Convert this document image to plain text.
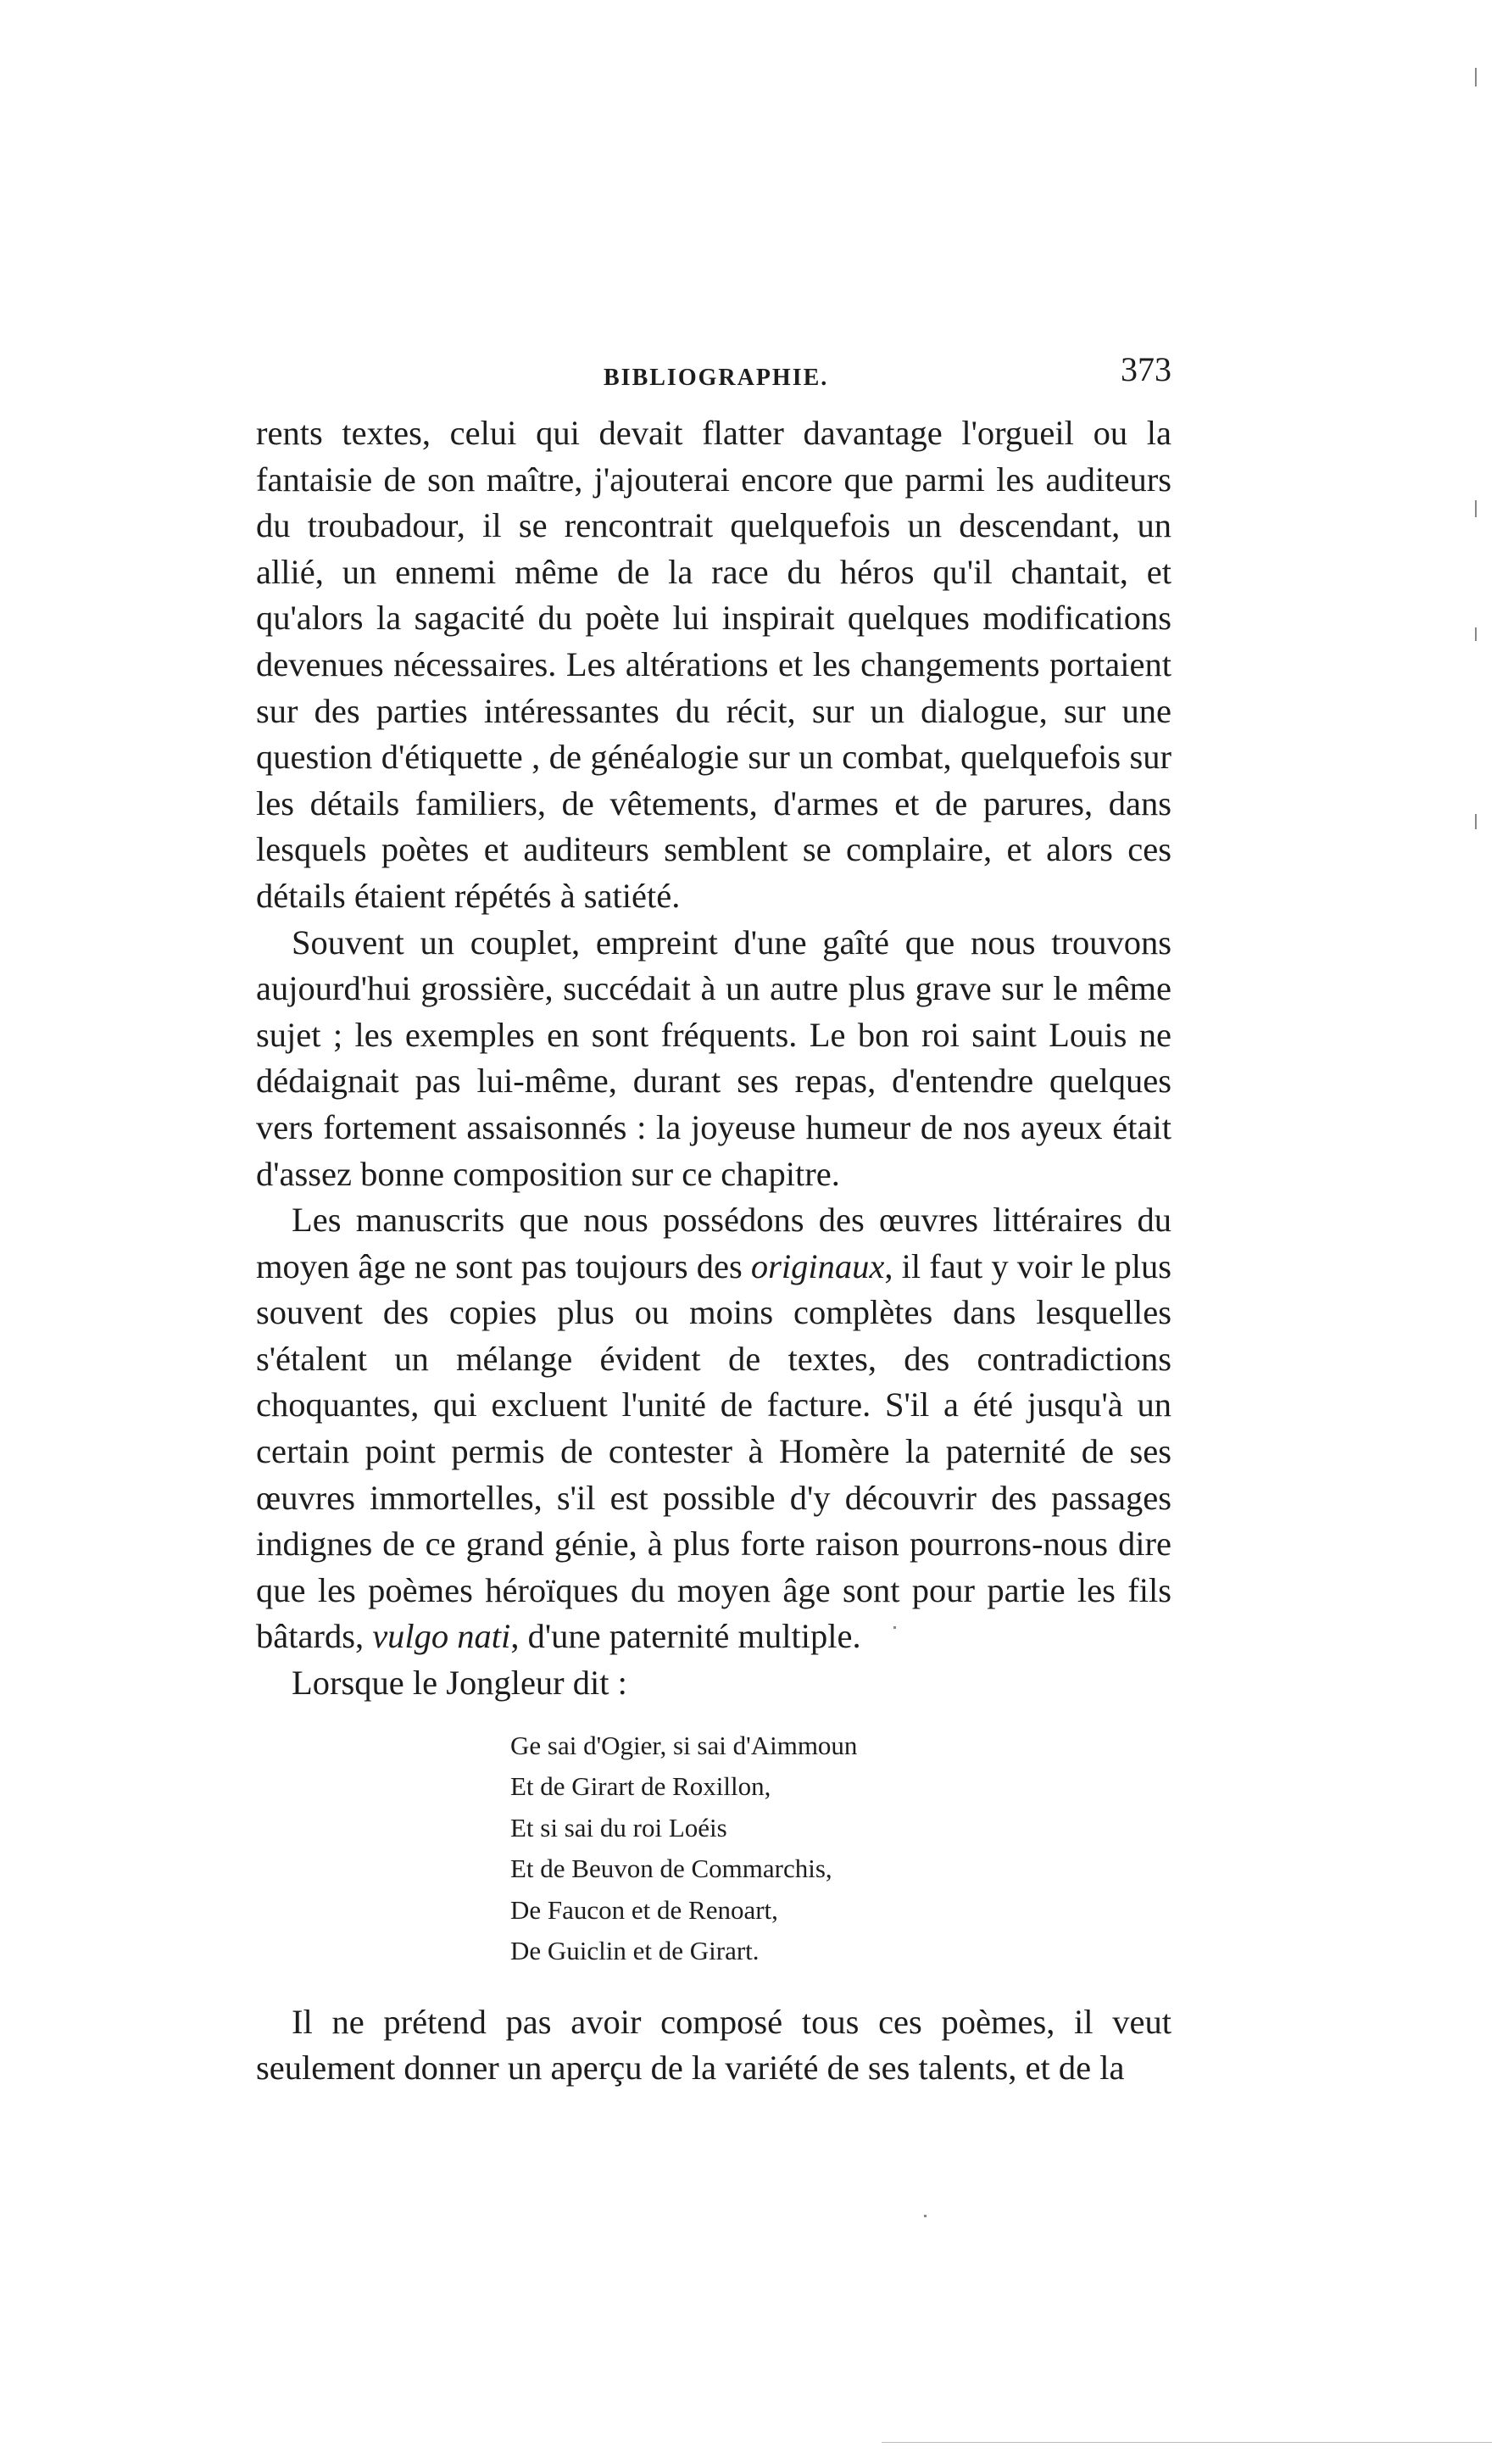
BIBLIOGRAPHIE.	373

rents textes, celui qui devait flatter davantage l'orgueil ou la fantaisie de son maître, j'ajouterai encore que parmi les auditeurs du troubadour, il se rencontrait quelquefois un descendant, un allié, un ennemi même de la race du héros qu'il chantait, et qu'alors la sagacité du poète lui inspirait quelques modifications devenues nécessaires. Les altérations et les changements portaient sur des parties intéressantes du récit, sur un dialogue, sur une question d'étiquette , de généalogie sur un combat, quelquefois sur les détails familiers, de vêtements, d'armes et de parures, dans lesquels poètes et auditeurs semblent se complaire, et alors ces détails étaient répétés à satiété.

Souvent un couplet, empreint d'une gaîté que nous trouvons aujourd'hui grossière, succédait à un autre plus grave sur le même sujet ; les exemples en sont fréquents. Le bon roi saint Louis ne dédaignait pas lui-même, durant ses repas, d'entendre quelques vers fortement assaisonnés : la joyeuse humeur de nos ayeux était d'assez bonne composition sur ce chapitre.

Les manuscrits que nous possédons des œuvres littéraires du moyen âge ne sont pas toujours des originaux, il faut y voir le plus souvent des copies plus ou moins complètes dans lesquelles s'étalent un mélange évident de textes, des contradictions choquantes, qui excluent l'unité de facture. S'il a été jusqu'à un certain point permis de contester à Homère la paternité de ses œuvres immortelles, s'il est possible d'y découvrir des passages indignes de ce grand génie, à plus forte raison pourrons-nous dire que les poèmes héroïques du moyen âge sont pour partie les fils bâtards, vulgo nati, d'une paternité multiple.

Lorsque le Jongleur dit :

Ge sai d'Ogier, si sai d'Aimmoun
Et de Girart de Roxillon,
Et si sai du roi Loéis
Et de Beuvon de Commarchis,
De Faucon et de Renoart,
De Guiclin et de Girart.

Il ne prétend pas avoir composé tous ces poèmes, il veut seulement donner un aperçu de la variété de ses talents, et de la
